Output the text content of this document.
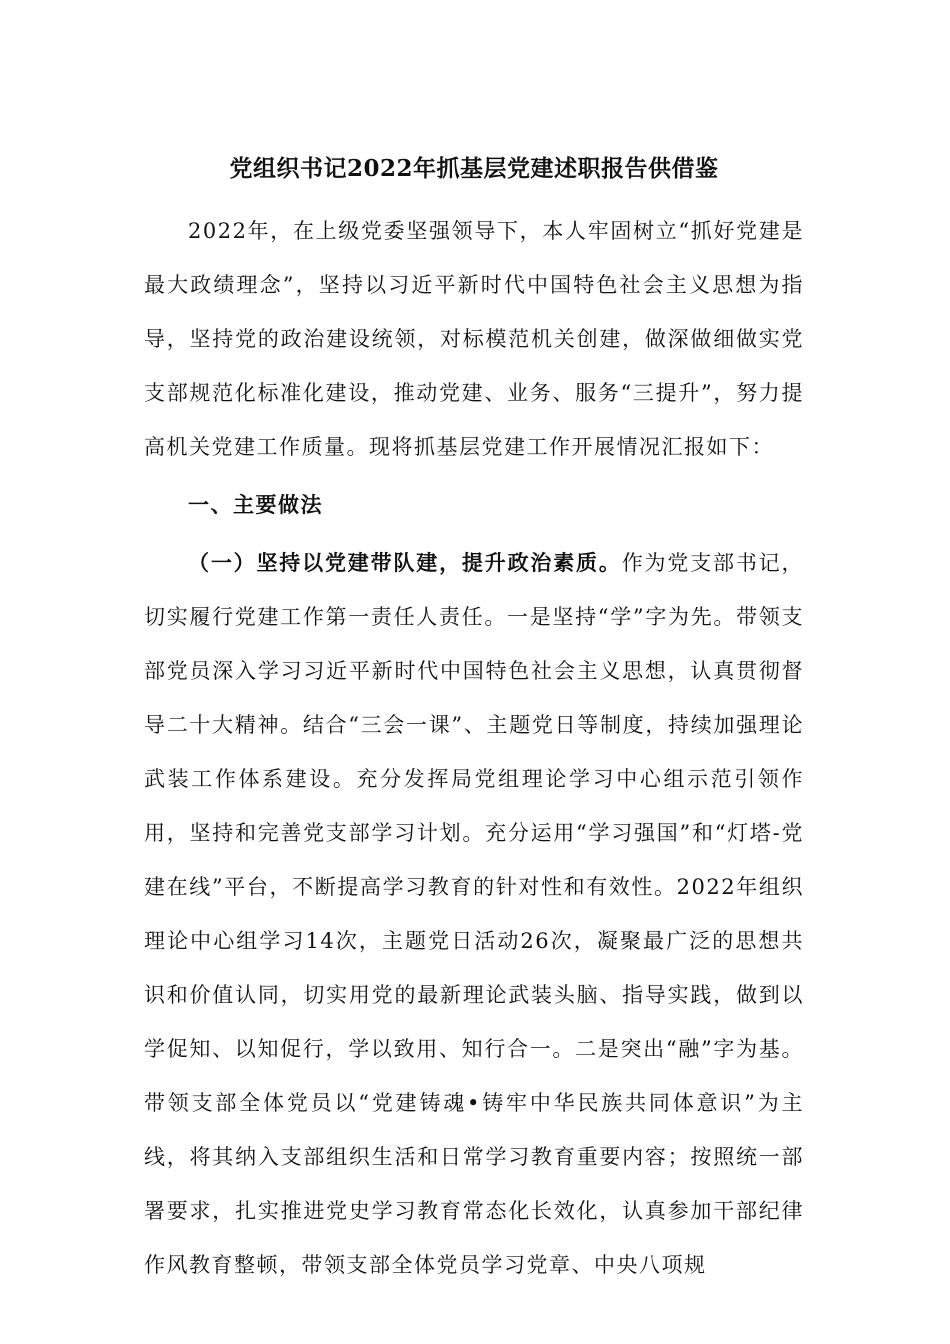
党组织书记2022年抓基层党建述职报告供借鉴

2022年，在上级党委坚强领导下，本人牢固树立“抓好党建是最大政绩理念”，坚持以习近平新时代中国特色社会主义思想为指导，坚持党的政治建设统领，对标模范机关创建，做深做细做实党支部规范化标准化建设，推动党建、业务、服务“三提升”，努力提高机关党建工作质量。现将抓基层党建工作开展情况汇报如下：

一、主要做法

（一）坚持以党建带队建，提升政治素质。作为党支部书记，切实履行党建工作第一责任人责任。一是坚持“学”字为先。带领支部党员深入学习习近平新时代中国特色社会主义思想，认真贯彻督导二十大精神。结合“三会一课”、主题党日等制度，持续加强理论武装工作体系建设。充分发挥局党组理论学习中心组示范引领作用，坚持和完善党支部学习计划。充分运用“学习强国”和“灯塔-党建在线”平台，不断提高学习教育的针对性和有效性。2022年组织理论中心组学习14次，主题党日活动26次，凝聚最广泛的思想共识和价值认同，切实用党的最新理论武装头脑、指导实践，做到以学促知、以知促行，学以致用、知行合一。二是突出“融”字为基。带领支部全体党员以“党建铸魂•铸牢中华民族共同体意识”为主线，将其纳入支部组织生活和日常学习教育重要内容；按照统一部署要求，扎实推进党史学习教育常态化长效化，认真参加干部纪律作风教育整顿，带领支部全体党员学习党章、中央八项规
